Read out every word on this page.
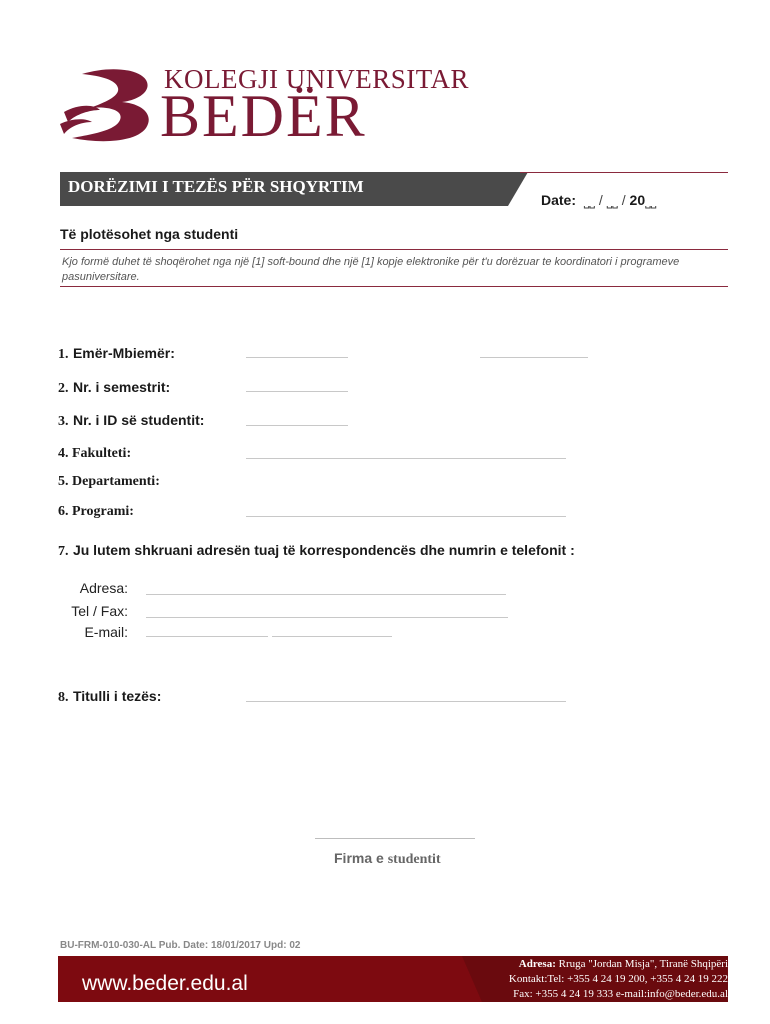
KOLEGJI UNIVERSITAR
BEDËR
DORËZIMI I TEZËS PËR SHQYRTIM
Date:  ⎵⎵ / ⎵⎵ / 20⎵⎵
Të plotësohet nga studenti
Kjo formë duhet të shoqërohet nga një [1] soft-bound dhe një [1] kopje elektronike për t'u dorëzuar te koordinatori i programeve pasuniversitare.
1. Emër-Mbiemër:
2. Nr. i semestrit:
3. Nr. i ID së studentit:
4. Fakulteti:
5. Departamenti:
6. Programi:
7. Ju lutem shkruani adresën tuaj të korrespondencës dhe numrin e telefonit :
Adresa:
Tel / Fax:
E-mail:
8. Titulli i tezës:
Firma e studentit
BU-FRM-010-030-AL Pub. Date: 18/01/2017 Upd: 02
www.beder.edu.al
Adresa: Rruga "Jordan Misja", Tiranë Shqipëri
Kontakt:Tel: +355 4 24 19 200, +355 4 24 19 222
Fax: +355 4 24 19 333 e-mail:info@beder.edu.al
